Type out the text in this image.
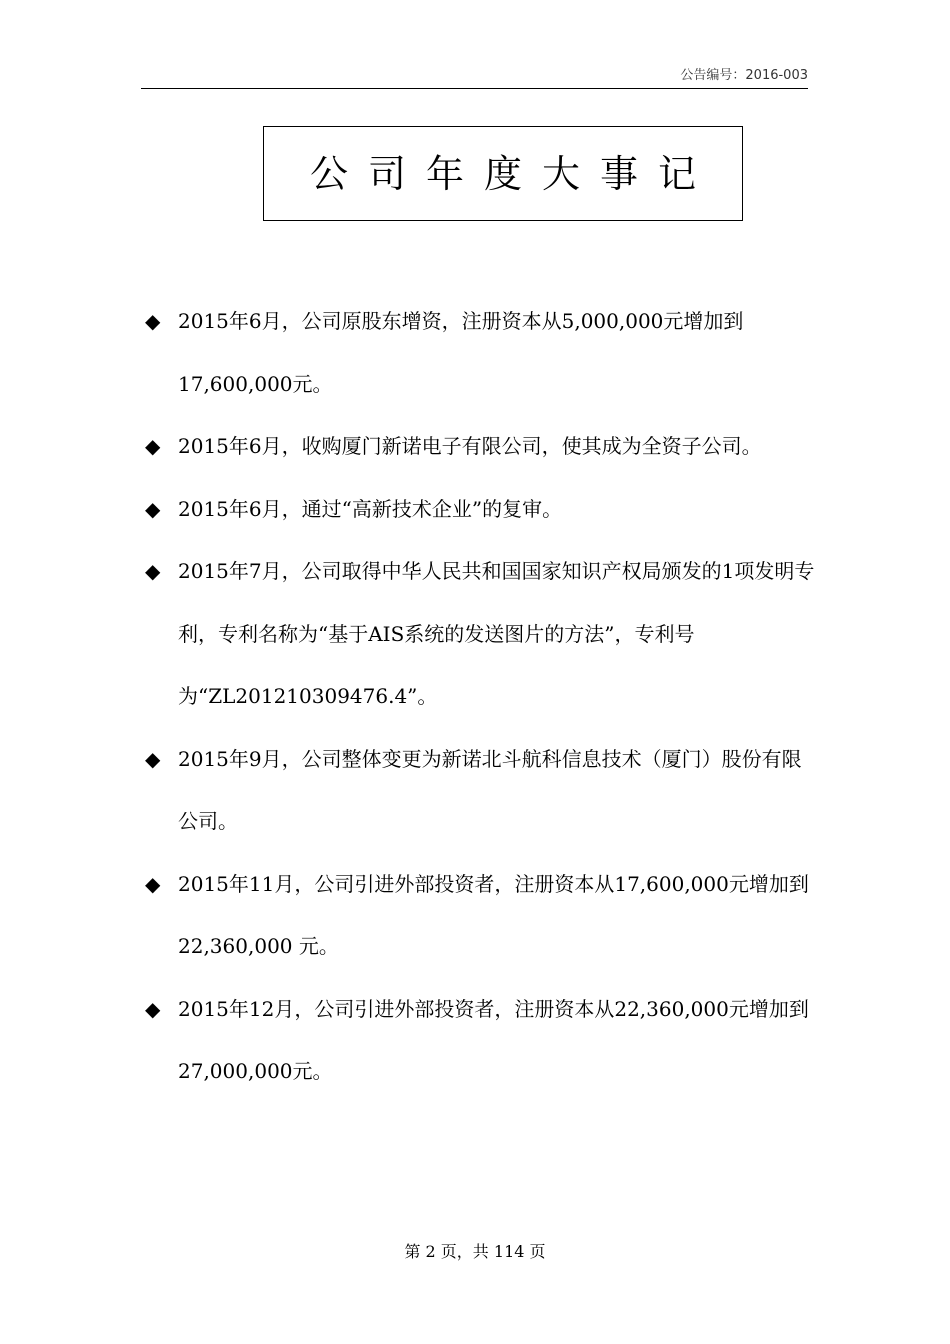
公告编号：2016-003
公司年度大事记
◆ 2015年6月，公司原股东增资，注册资本从5,000,000元增加到17,600,000元。
◆ 2015年6月，收购厦门新诺电子有限公司，使其成为全资子公司。
◆ 2015年6月，通过“高新技术企业”的复审。
◆ 2015年7月，公司取得中华人民共和国国家知识产权局颁发的1项发明专利，专利名称为“基于AIS系统的发送图片的方法”，专利号为“ZL201210309476.4”。
◆ 2015年9月，公司整体变更为新诺北斗航科信息技术（厦门）股份有限公司。
◆ 2015年11月，公司引进外部投资者，注册资本从17,600,000元增加到22,360,000 元。
◆ 2015年12月，公司引进外部投资者，注册资本从22,360,000元增加到27,000,000元。
第 2 页，共 114 页
